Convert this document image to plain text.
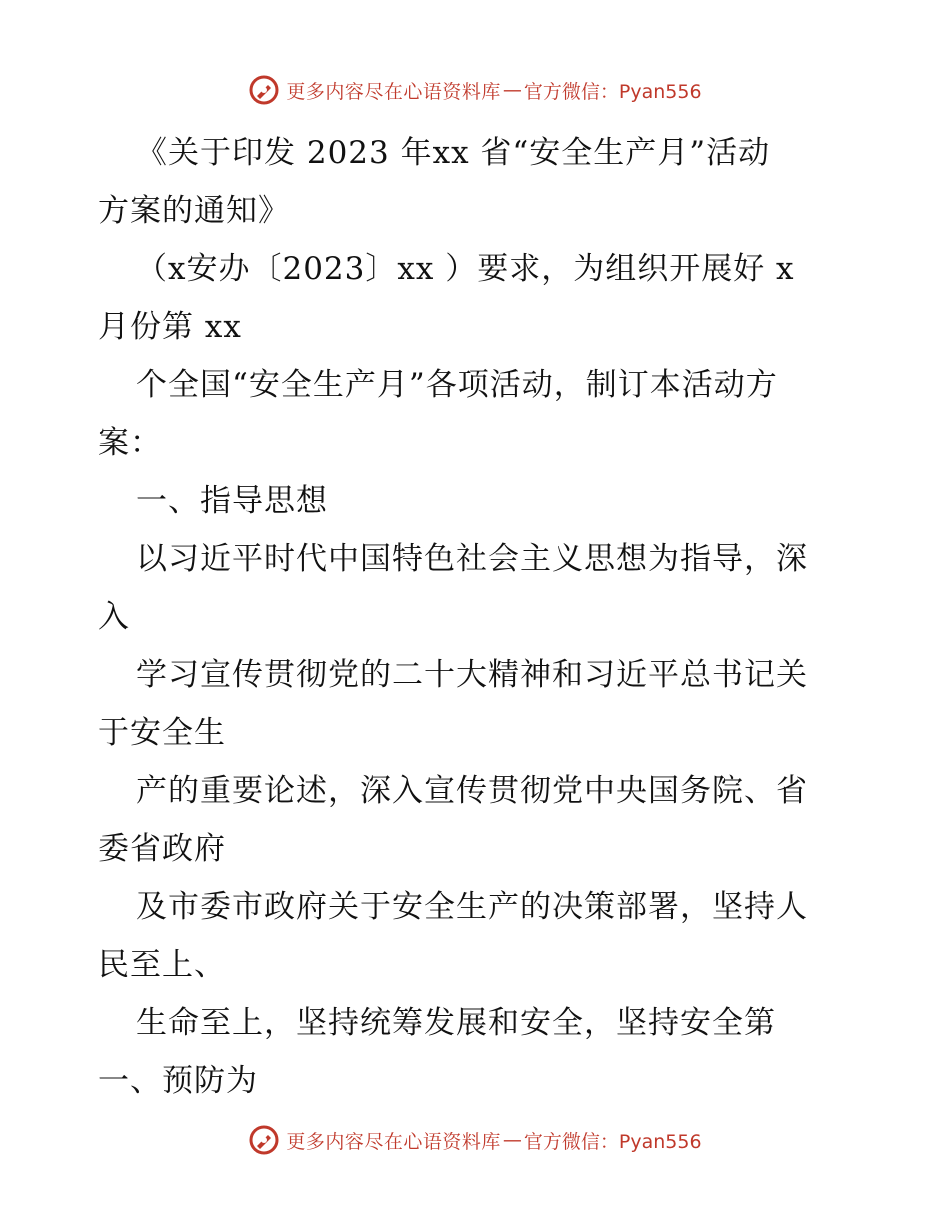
更多内容尽在心语资料库 — 官方微信：Pyan556
《关于印发 2023 年xx 省“安全生产月”活动
方案的通知》
（x安办〔2023〕xx ）要求，为组织开展好 x
月份第 xx
个全国“安全生产月”各项活动，制订本活动方
案：
一、指导思想
以习近平时代中国特色社会主义思想为指导，深
入
学习宣传贯彻党的二十大精神和习近平总书记关
于安全生
产的重要论述，深入宣传贯彻党中央国务院、省
委省政府
及市委市政府关于安全生产的决策部署，坚持人
民至上、
生命至上，坚持统筹发展和安全，坚持安全第
一、预防为
更多内容尽在心语资料库 — 官方微信：Pyan556
